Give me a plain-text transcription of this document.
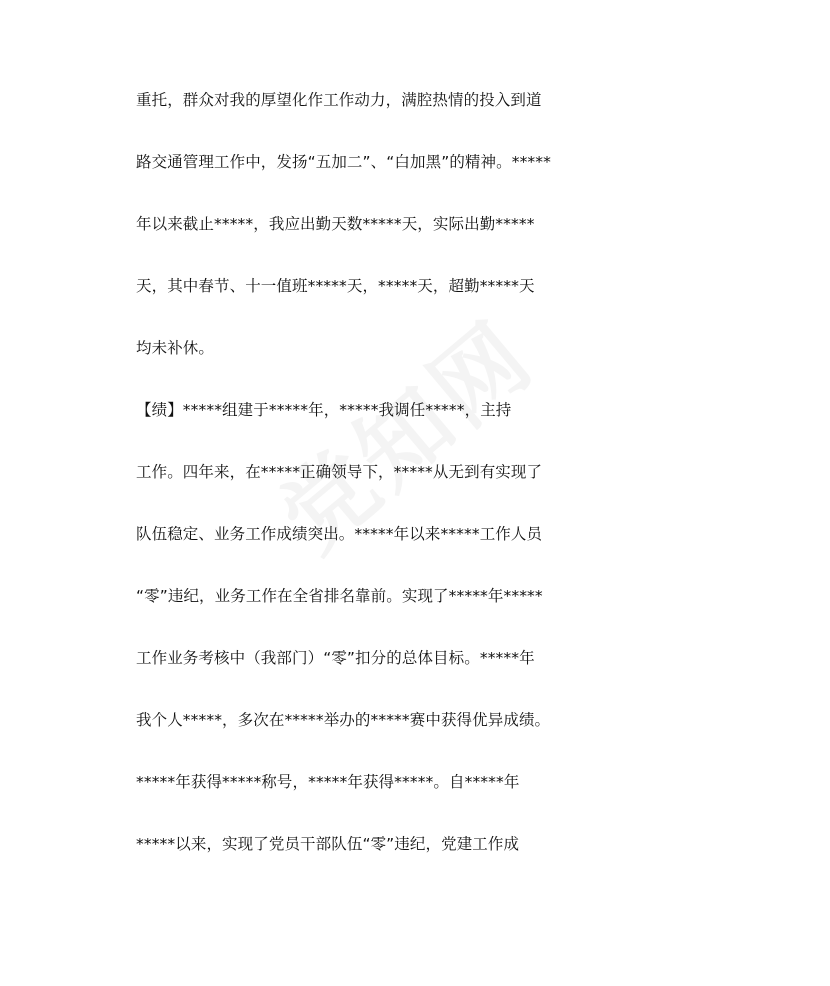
重托，群众对我的厚望化作工作动力，满腔热情的投入到道
路交通管理工作中，发扬“五加二”、“白加黑”的精神。*****
年以来截止*****，我应出勤天数*****天，实际出勤*****
天，其中春节、十一值班*****天，*****天，超勤*****天
均未补休。
【绩】*****组建于*****年，*****我调任*****，主持
工作。四年来，在*****正确领导下，*****从无到有实现了
队伍稳定、业务工作成绩突出。*****年以来*****工作人员
“零”违纪，业务工作在全省排名靠前。实现了*****年*****
工作业务考核中（我部门）“零”扣分的总体目标。*****年
我个人*****，多次在*****举办的*****赛中获得优异成绩。
*****年获得*****称号，*****年获得*****。自*****年
*****以来，实现了党员干部队伍“零”违纪，党建工作成
